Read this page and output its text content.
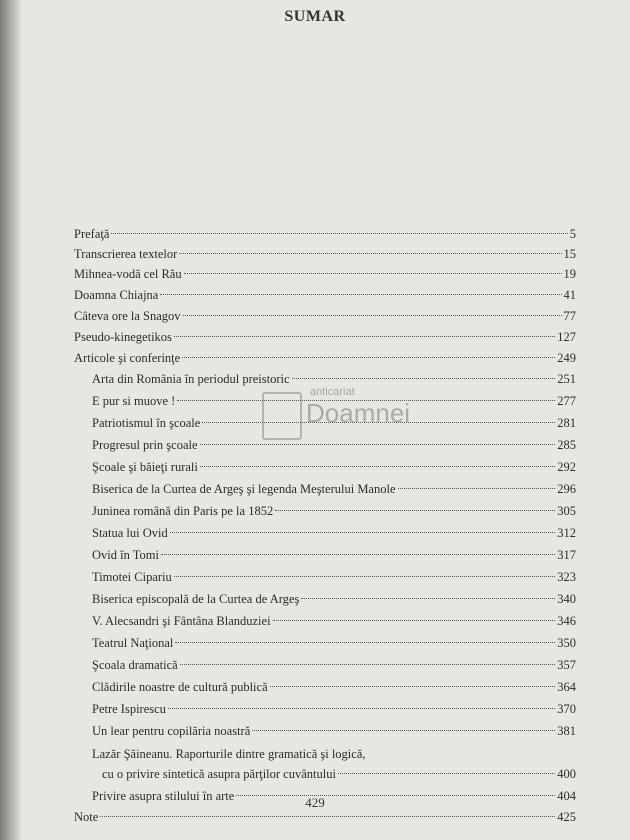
SUMAR
Prefaţă	5
Transcrierea textelor	15
Mihnea-vodă cel Rău	19
Doamna Chiajna	41
Câteva ore la Snagov	77
Pseudo-kinegetikos	127
Articole şi conferinţe	249
Arta din România în periodul preistoric	251
E pur si muove !	277
Patriotismul în şcoale	281
Progresul prin şcoale	285
Şcoale şi băieţi rurali	292
Biserica de la Curtea de Argeş şi legenda Meşterului Manole	296
Juninea română din Paris pe la 1852	305
Statua lui Ovid	312
Ovid în Tomi	317
Timotei Cipariu	323
Biserica episcopală de la Curtea de Argeş	340
V. Alecsandri şi Fântâna Blanduziei	346
Teatrul Naţional	350
Şcoala dramatică	357
Clădirile noastre de cultură publică	364
Petre Ispirescu	370
Un lear pentru copilăria noastră	381
Lazăr Şăineanu. Raporturile dintre gramatică şi logică,
cu o privire sintetică asupra părţilor cuvântului	400
Privire asupra stilului în arte	404
Note	425
anticariat
Doamnei
429
